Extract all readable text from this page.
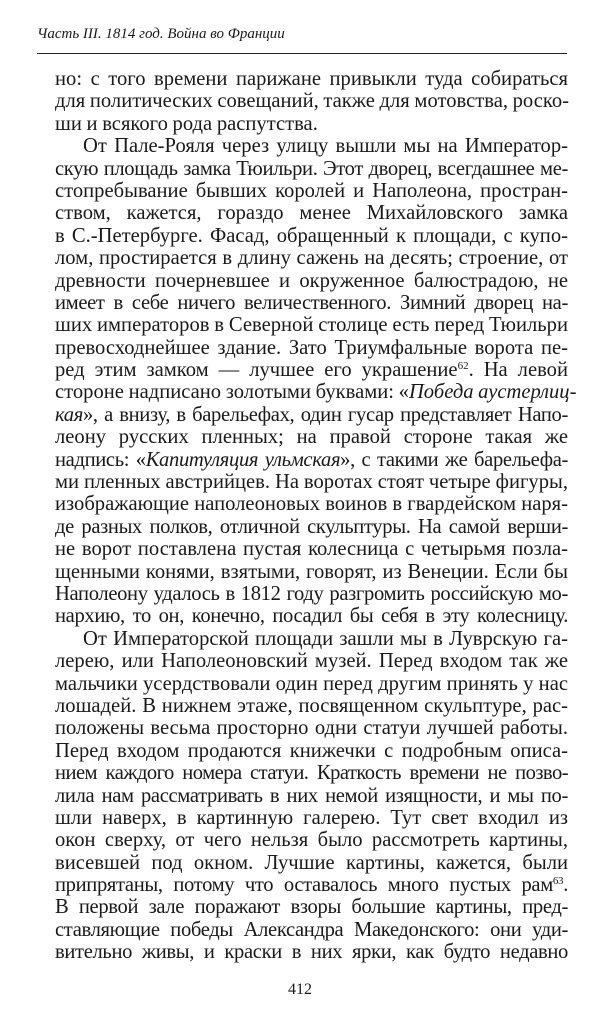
Часть III. 1814 год. Война во Франции
но: с того времени парижане привыкли туда собираться
для политических совещаний, также для мотовства, роско-
ши и всякого рода распутства.
От Пале-Рояля через улицу вышли мы на Император-
скую площадь замка Тюильри. Этот дворец, всегдашнее ме-
стопребывание бывших королей и Наполеона, простран-
ством, кажется, гораздо менее Михайловского замка
в С.-Петербурге. Фасад, обращенный к площади, с купо-
лом, простирается в длину сажень на десять; строение, от
древности почерневшее и окруженное балюстрадою, не
имеет в себе ничего величественного. Зимний дворец на-
ших императоров в Северной столице есть перед Тюильри
превосходнейшее здание. Зато Триумфальные ворота пе-
ред этим замком — лучшее его украшение$^{62}$. На левой
стороне надписано золотыми буквами: «Победа аустерлиц-
кая», а внизу, в барельефах, один гусар представляет Напо-
леону русских пленных; на правой стороне такая же
надпись: «Капитуляция ульмская», с такими же барельефа-
ми пленных австрийцев. На воротах стоят четыре фигуры,
изображающие наполеоновых воинов в гвардейском наря-
де разных полков, отличной скульптуры. На самой верши-
не ворот поставлена пустая колесница с четырьмя позла-
щенными конями, взятыми, говорят, из Венеции. Если бы
Наполеону удалось в 1812 году разгромить российскую мо-
нархию, то он, конечно, посадил бы себя в эту колесницу.
От Императорской площади зашли мы в Луврскую га-
лерею, или Наполеоновский музей. Перед входом так же
мальчики усердствовали один перед другим принять у нас
лошадей. В нижнем этаже, посвященном скульптуре, рас-
положены весьма просторно одни статуи лучшей работы.
Перед входом продаются книжечки с подробным описа-
нием каждого номера статуи. Краткость времени не позво-
лила нам рассматривать в них немой изящности, и мы по-
шли наверх, в картинную галерею. Тут свет входил из
окон сверху, от чего нельзя было рассмотреть картины,
висевшей под окном. Лучшие картины, кажется, были
припрятаны, потому что оставалось много пустых рам$^{63}$.
В первой зале поражают взоры большие картины, пред-
ставляющие победы Александра Македонского: они уди-
вительно живы, и краски в них ярки, как будто недавно
412
